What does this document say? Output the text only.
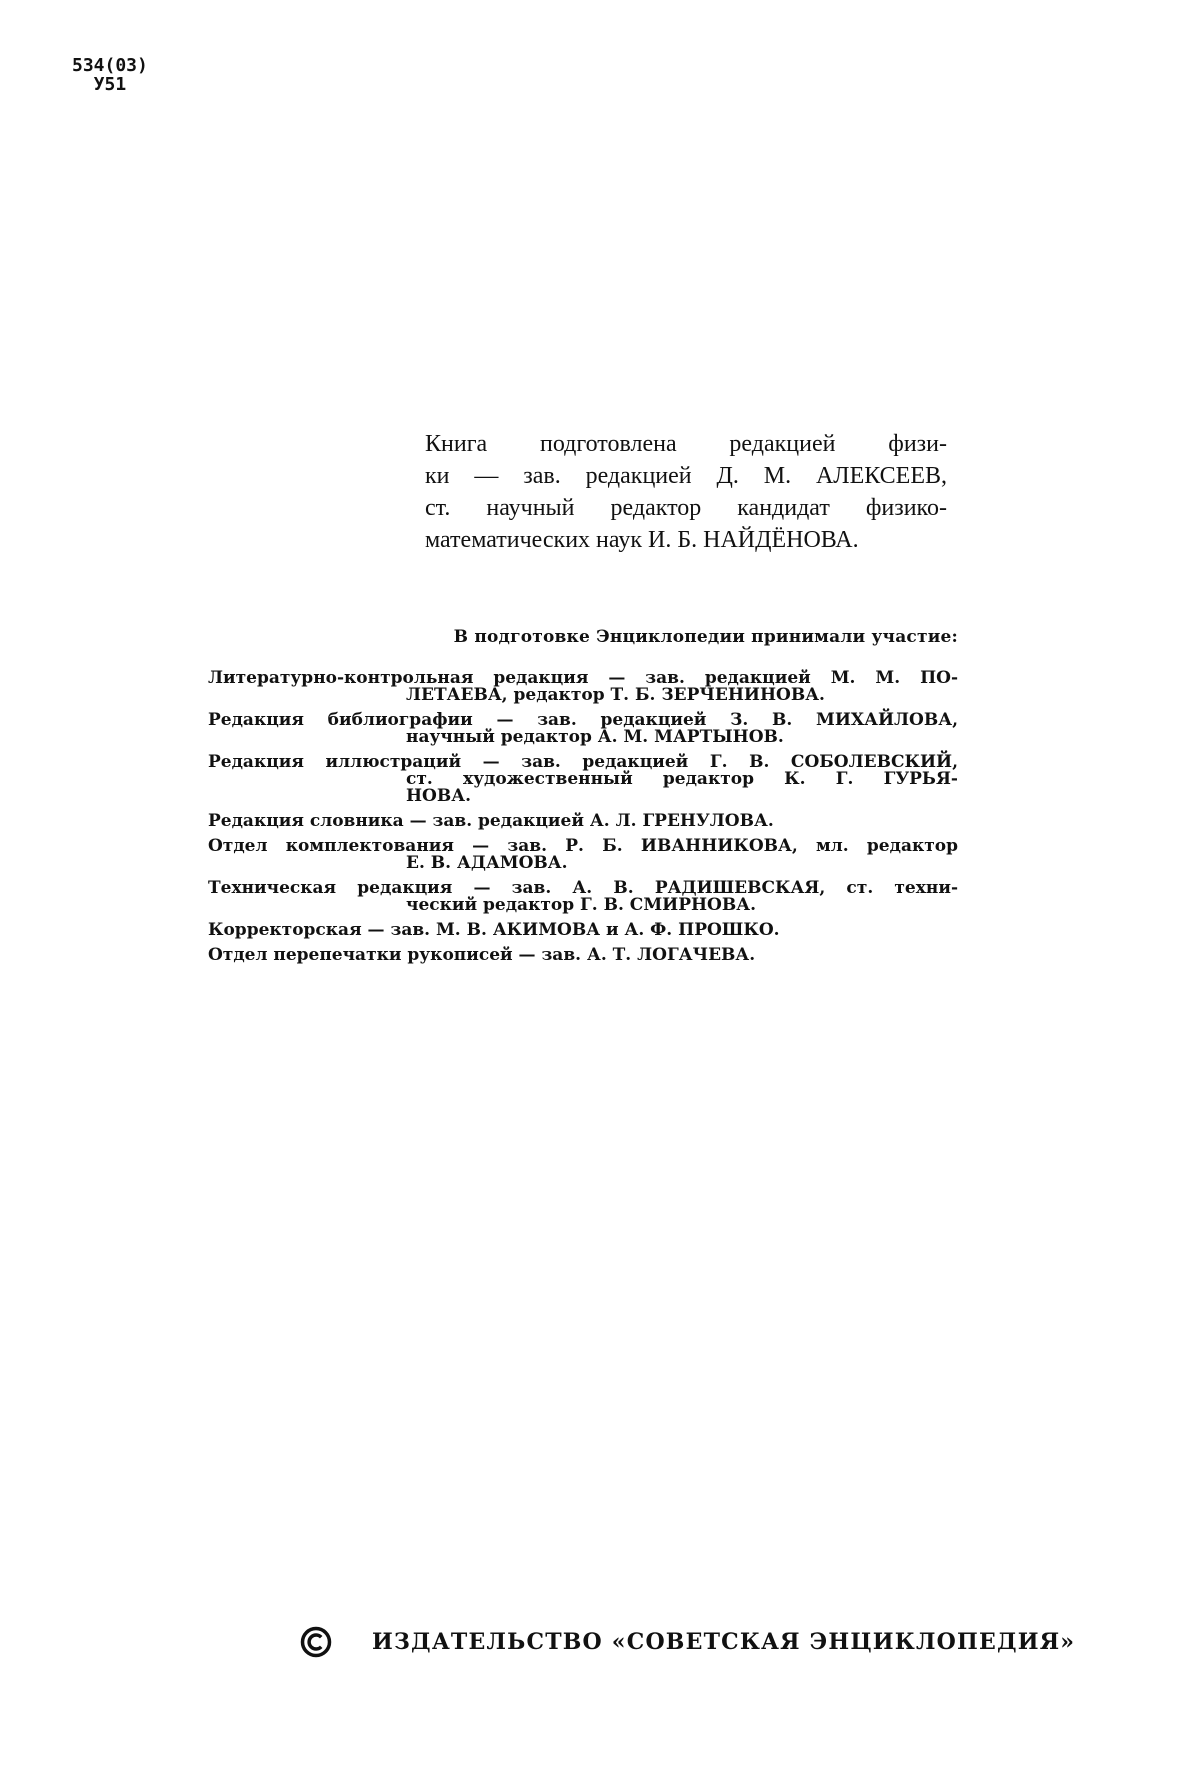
534(03)
У51
Книга подготовлена редакцией физи-
ки — зав. редакцией Д. М. АЛЕКСЕЕВ,
ст. научный редактор кандидат физико-
математических наук И. Б. НАЙДЁНОВА.
В подготовке Энциклопедии принимали участие:
Литературно-контрольная редакция — зав. редакцией М. М. ПО-
ЛЕТАЕВА, редактор Т. Б. ЗЕРЧЕНИНОВА.
Редакция библиографии — зав. редакцией З. В. МИХАЙЛОВА,
научный редактор А. М. МАРТЫНОВ.
Редакция иллюстраций — зав. редакцией Г. В. СОБОЛЕВСКИЙ,
ст. художественный редактор К. Г. ГУРЬЯ-
НОВА.
Редакция словника — зав. редакцией А. Л. ГРЕНУЛОВА.
Отдел комплектования — зав. Р. Б. ИВАННИКОВА, мл. редактор
Е. В. АДАМОВА.
Техническая редакция — зав. А. В. РАДИШЕВСКАЯ, ст. техни-
ческий редактор Г. В. СМИРНОВА.
Корректорская — зав. М. В. АКИМОВА и А. Ф. ПРОШКО.
Отдел перепечатки рукописей — зав. А. Т. ЛОГАЧЕВА.
ИЗДАТЕЛЬСТВО «СОВЕТСКАЯ ЭНЦИКЛОПЕДИЯ»
